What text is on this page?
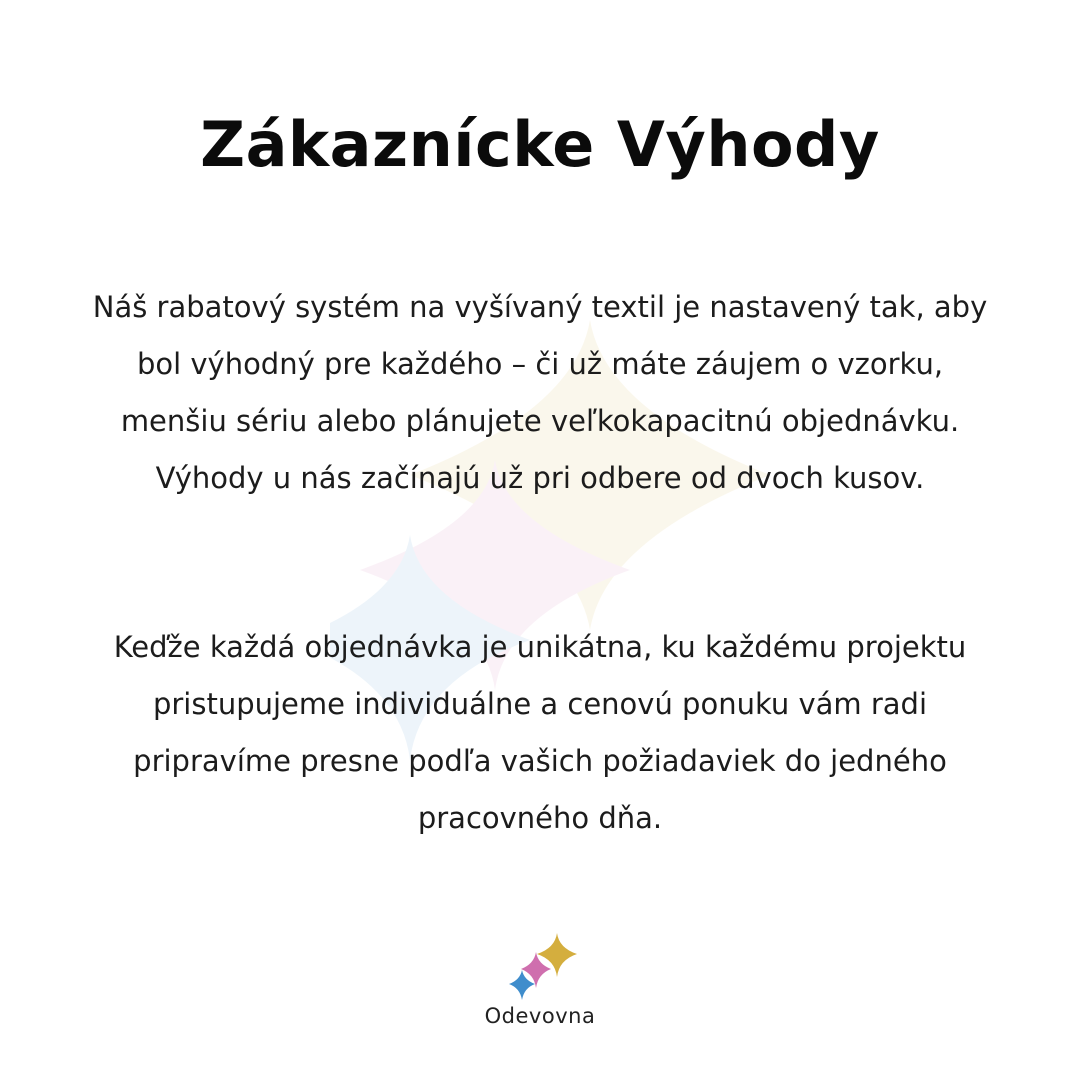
Zákaznícke Výhody

Náš rabatový systém na vyšívaný textil je nastavený tak, aby bol výhodný pre každého – či už máte záujem o vzorku, menšiu sériu alebo plánujete veľkokapacitnú objednávku. Výhody u nás začínajú už pri odbere od dvoch kusov.

Keďže každá objednávka je unikátna, ku každému projektu pristupujeme individuálne a cenovú ponuku vám radi pripravíme presne podľa vašich požiadaviek do jedného pracovného dňa.

Odevovna
